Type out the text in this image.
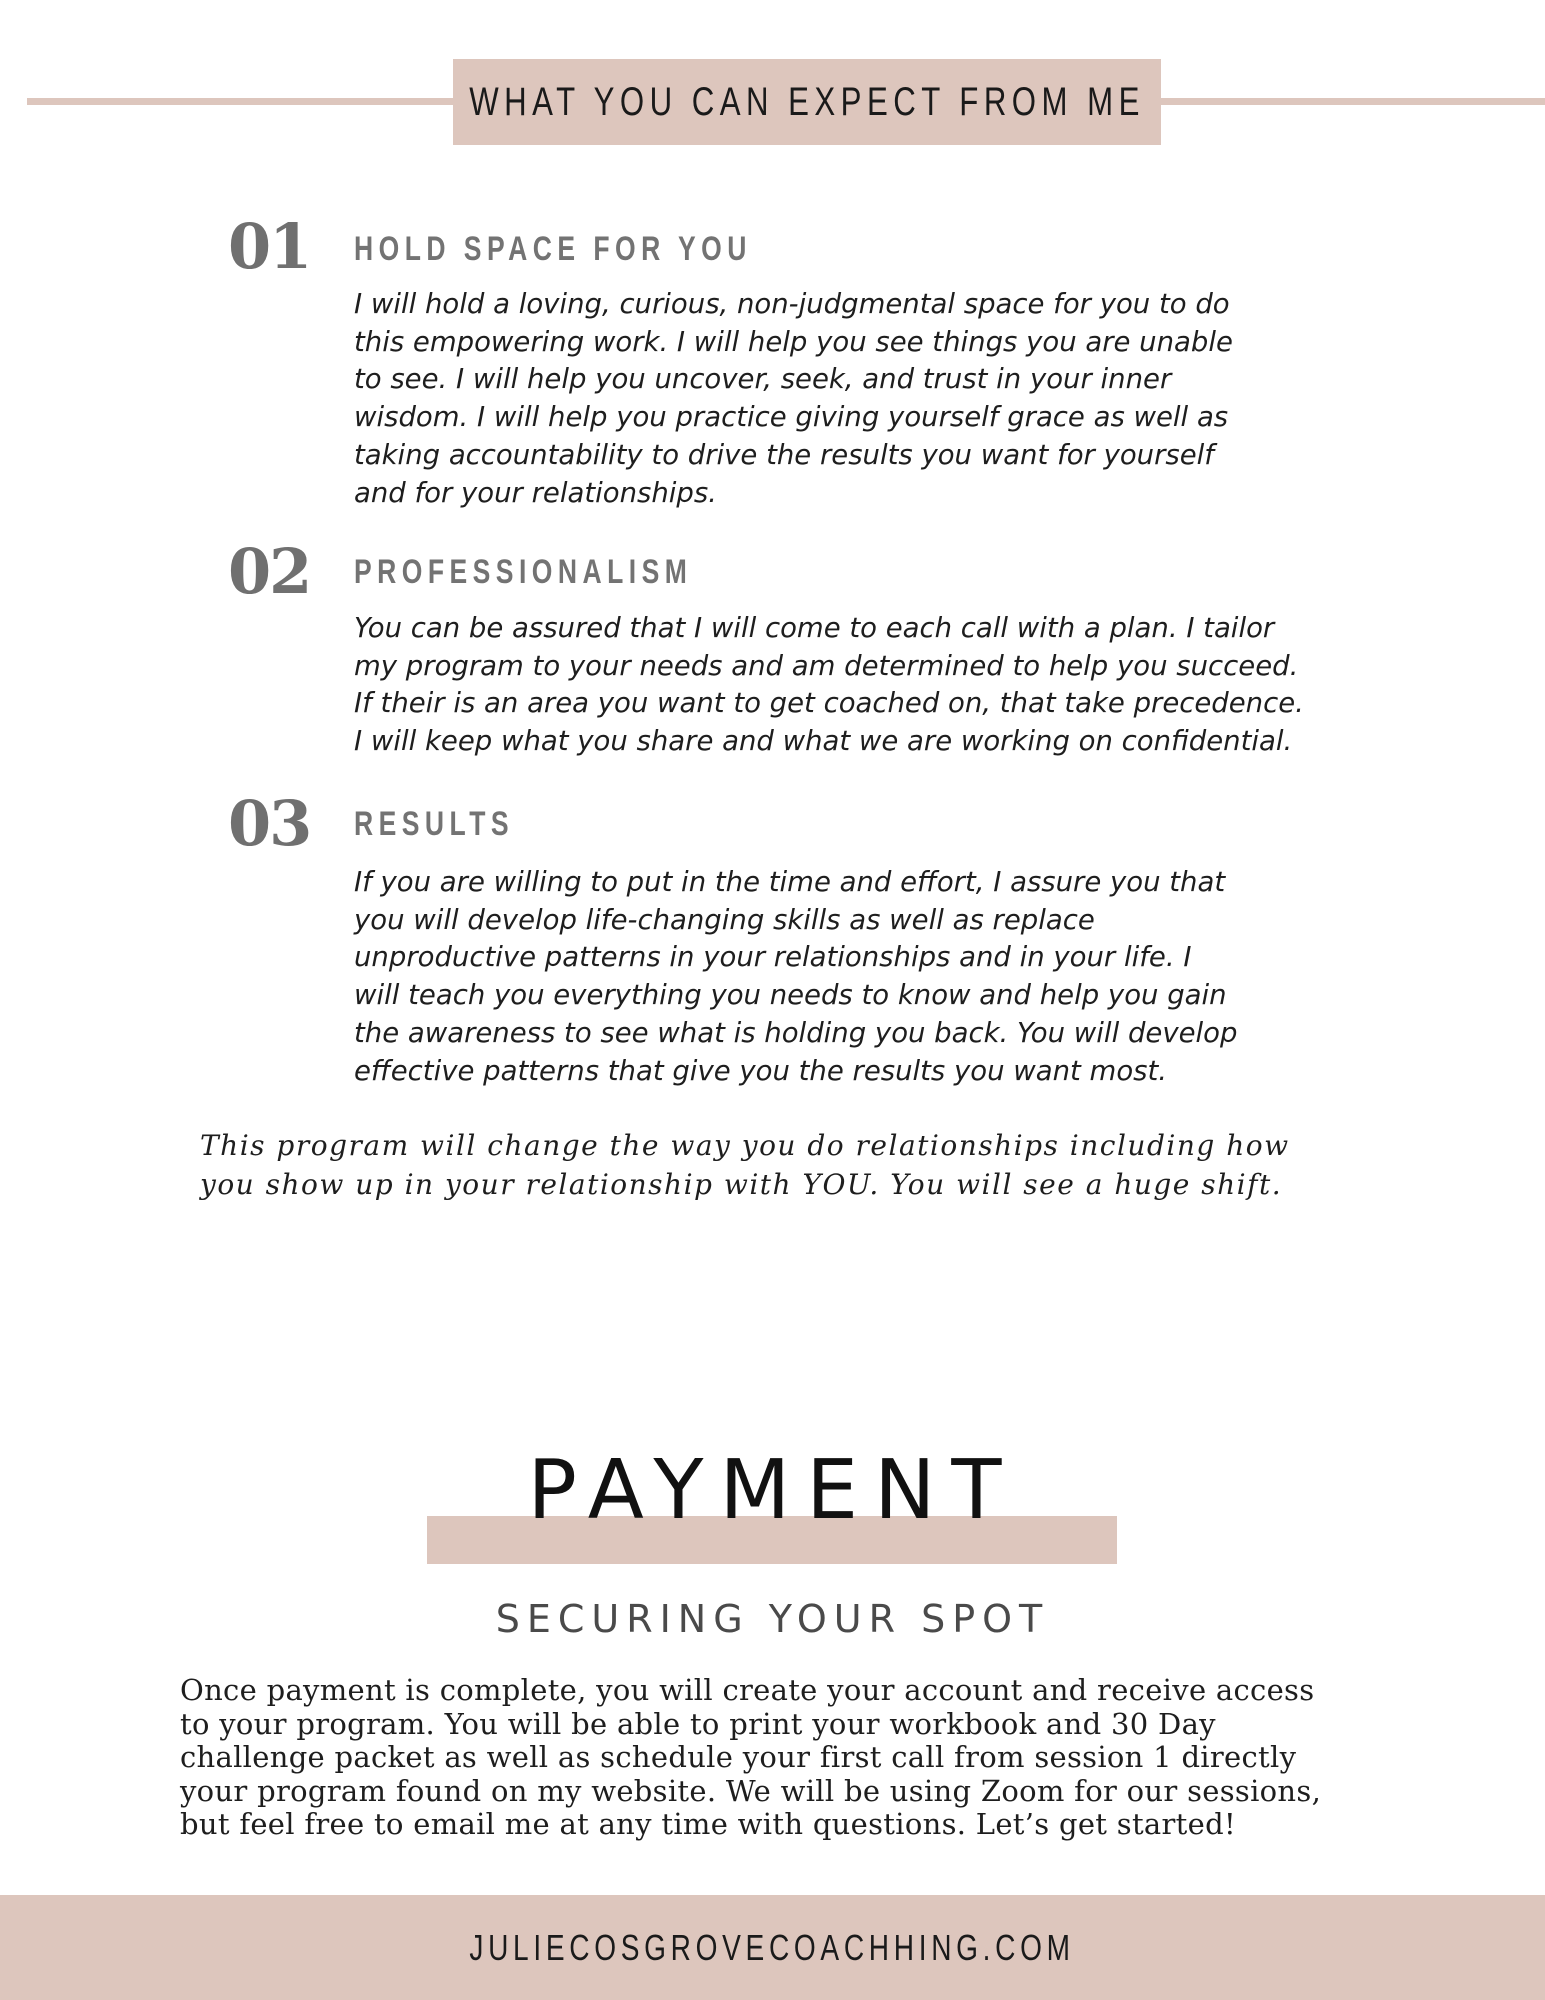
WHAT YOU CAN EXPECT FROM ME
01 HOLD SPACE FOR YOU

I will hold a loving, curious, non-judgmental space for you to do
this empowering work. I will help you see things you are unable
to see. I will help you uncover, seek, and trust in your inner
wisdom. I will help you practice giving yourself grace as well as
taking accountability to drive the results you want for yourself
and for your relationships.

02 PROFESSIONALISM

You can be assured that I will come to each call with a plan. I tailor
my program to your needs and am determined to help you succeed.
If their is an area you want to get coached on, that take precedence.
I will keep what you share and what we are working on confidential.

03 RESULTS

If you are willing to put in the time and effort, I assure you that
you will develop life-changing skills as well as replace
unproductive patterns in your relationships and in your life. I
will teach you everything you needs to know and help you gain
the awareness to see what is holding you back. You will develop
effective patterns that give you the results you want most.

This program will change the way you do relationships including how
you show up in your relationship with YOU. You will see a huge shift.

PAYMENT
SECURING YOUR SPOT

Once payment is complete, you will create your account and receive access
to your program. You will be able to print your workbook and 30 Day
challenge packet as well as schedule your first call from session 1 directly
your program found on my website. We will be using Zoom for our sessions,
but feel free to email me at any time with questions. Let’s get started!

JULIECOSGROVECOACHHING.COM
